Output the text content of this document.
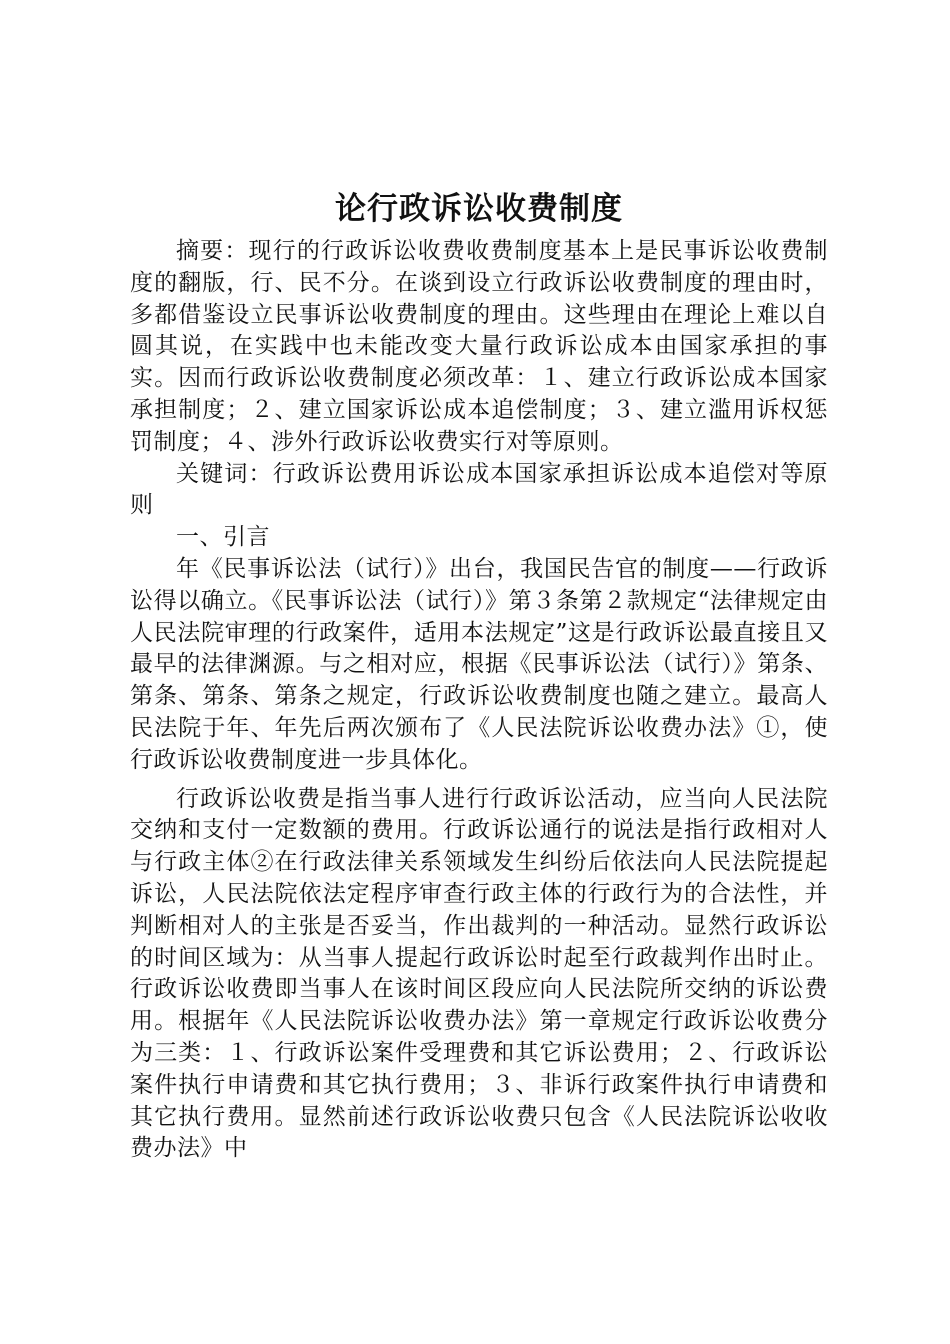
论行政诉讼收费制度

摘要：现行的行政诉讼收费收费制度基本上是民事诉讼收费制度的翻版，行、民不分。在谈到设立行政诉讼收费制度的理由时，多都借鉴设立民事诉讼收费制度的理由。这些理由在理论上难以自圆其说，在实践中也未能改变大量行政诉讼成本由国家承担的事实。因而行政诉讼收费制度必须改革：１、建立行政诉讼成本国家承担制度；２、建立国家诉讼成本追偿制度；３、建立滥用诉权惩罚制度；４、涉外行政诉讼收费实行对等原则。

关键词：行政诉讼费用诉讼成本国家承担诉讼成本追偿对等原则

一、引言

年《民事诉讼法（试行）》出台，我国民告官的制度——行政诉讼得以确立。《民事诉讼法（试行）》第３条第２款规定“法律规定由人民法院审理的行政案件，适用本法规定”这是行政诉讼最直接且又最早的法律渊源。与之相对应，根据《民事诉讼法（试行）》第条、第条、第条、第条之规定，行政诉讼收费制度也随之建立。最高人民法院于年、年先后两次颁布了《人民法院诉讼收费办法》①，使行政诉讼收费制度进一步具体化。

行政诉讼收费是指当事人进行行政诉讼活动，应当向人民法院交纳和支付一定数额的费用。行政诉讼通行的说法是指行政相对人与行政主体②在行政法律关系领域发生纠纷后依法向人民法院提起诉讼，人民法院依法定程序审查行政主体的行政行为的合法性，并判断相对人的主张是否妥当，作出裁判的一种活动。显然行政诉讼的时间区域为：从当事人提起行政诉讼时起至行政裁判作出时止。行政诉讼收费即当事人在该时间区段应向人民法院所交纳的诉讼费用。根据年《人民法院诉讼收费办法》第一章规定行政诉讼收费分为三类：１、行政诉讼案件受理费和其它诉讼费用；２、行政诉讼案件执行申请费和其它执行费用；３、非诉行政案件执行申请费和其它执行费用。显然前述行政诉讼收费只包含《人民法院诉讼收收费办法》中
